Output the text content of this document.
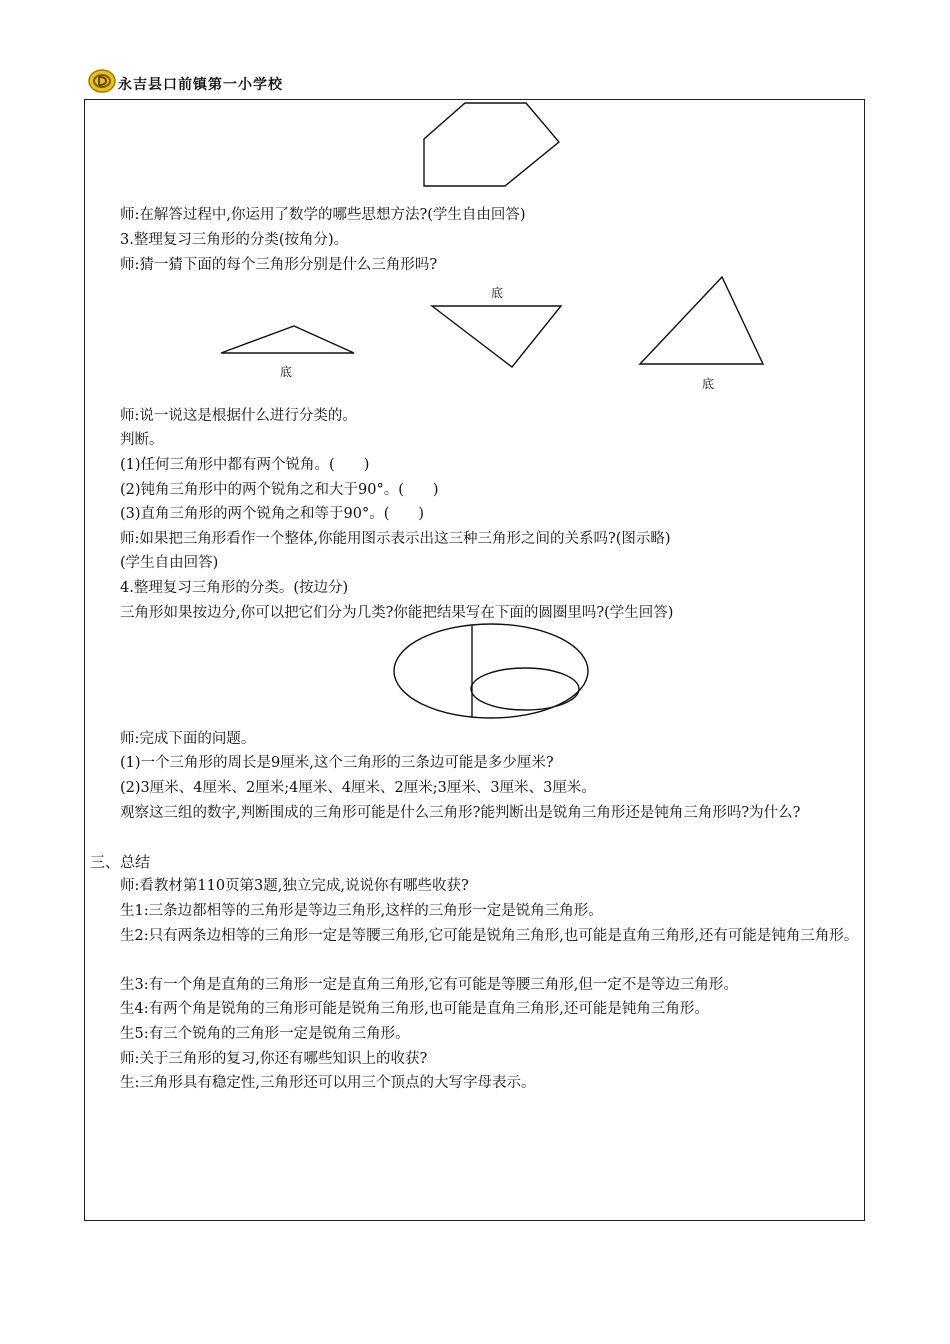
永吉县口前镇第一小学校
师:在解答过程中,你运用了数学的哪些思想方法?(学生自由回答)
3.整理复习三角形的分类(按角分)。
师:猜一猜下面的每个三角形分别是什么三角形吗?
底
底
底
师:说一说这是根据什么进行分类的。
判断。
(1)任何三角形中都有两个锐角。(　　)
(2)钝角三角形中的两个锐角之和大于90°。(　　)
(3)直角三角形的两个锐角之和等于90°。(　　)
师:如果把三角形看作一个整体,你能用图示表示出这三种三角形之间的关系吗?(图示略)
(学生自由回答)
4.整理复习三角形的分类。(按边分)
三角形如果按边分,你可以把它们分为几类?你能把结果写在下面的圆圈里吗?(学生回答)
师:完成下面的问题。
(1)一个三角形的周长是9厘米,这个三角形的三条边可能是多少厘米?
(2)3厘米、4厘米、2厘米;4厘米、4厘米、2厘米;3厘米、3厘米、3厘米。
观察这三组的数字,判断围成的三角形可能是什么三角形?能判断出是锐角三角形还是钝角三角形吗?为什么?
三、总结
师:看教材第110页第3题,独立完成,说说你有哪些收获?
生1:三条边都相等的三角形是等边三角形,这样的三角形一定是锐角三角形。
生2:只有两条边相等的三角形一定是等腰三角形,它可能是锐角三角形,也可能是直角三角形,还有可能是钝角三角形。
生3:有一个角是直角的三角形一定是直角三角形,它有可能是等腰三角形,但一定不是等边三角形。
生4:有两个角是锐角的三角形可能是锐角三角形,也可能是直角三角形,还可能是钝角三角形。
生5:有三个锐角的三角形一定是锐角三角形。
师:关于三角形的复习,你还有哪些知识上的收获?
生:三角形具有稳定性,三角形还可以用三个顶点的大写字母表示。
